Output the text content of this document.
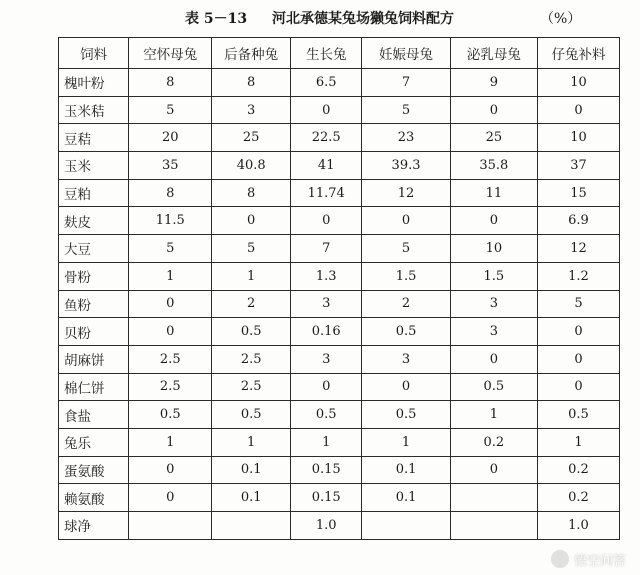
表 5－13 河北承德某兔场獭兔饲料配方	（%）
饲料	空怀母兔	后备种兔	生长兔	妊娠母兔	泌乳母兔	仔兔补料
槐叶粉	8	8	6.5	7	9	10
玉米秸	5	3	0	5	0	0
豆秸	20	25	22.5	23	25	10
玉米	35	40.8	41	39.3	35.8	37
豆粕	8	8	11.74	12	11	15
麸皮	11.5	0	0	0	0	6.9
大豆	5	5	7	5	10	12
骨粉	1	1	1.3	1.5	1.5	1.2
鱼粉	0	2	3	2	3	5
贝粉	0	0.5	0.16	0.5	3	0
胡麻饼	2.5	2.5	3	3	0	0
棉仁饼	2.5	2.5	0	0	0.5	0
食盐	0.5	0.5	0.5	0.5	1	0.5
兔乐	1	1	1	1	0.2	1
蛋氨酸	0	0.1	0.15	0.1	0	0.2
赖氨酸	0	0.1	0.15	0.1		0.2
球净			1.0			1.0
悟空问答
